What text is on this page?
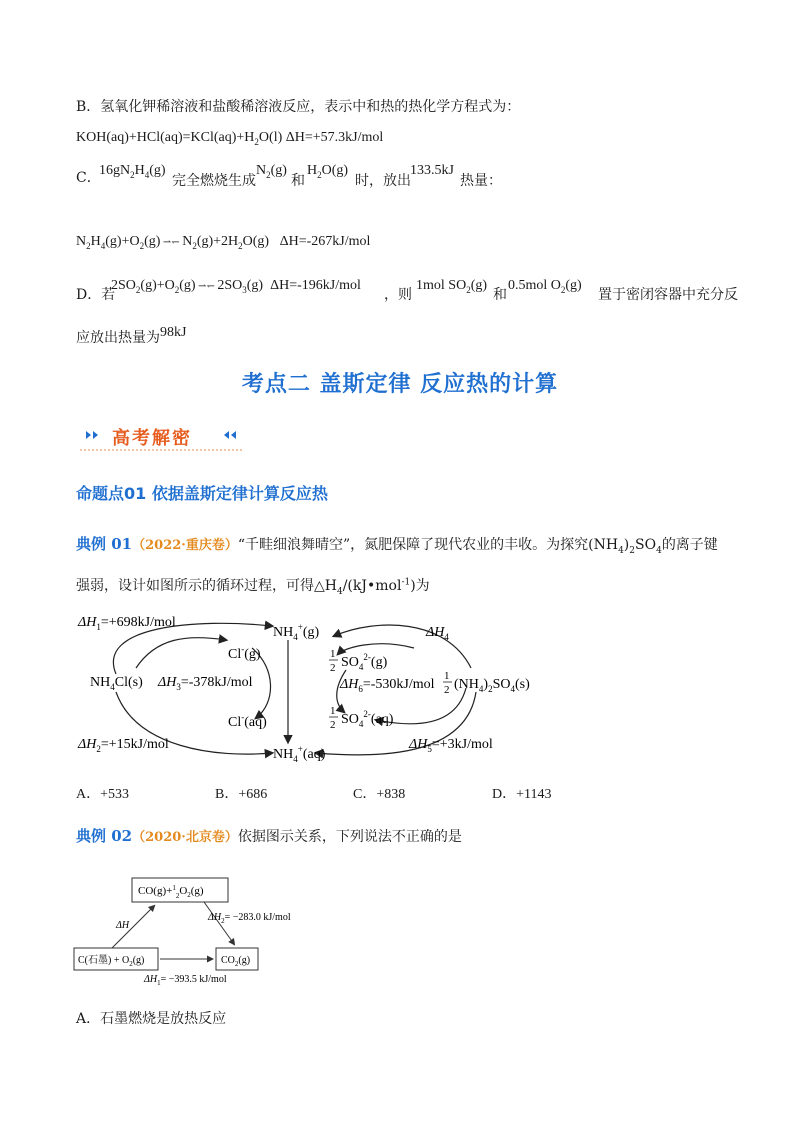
B．氢氧化钾稀溶液和盐酸稀溶液反应，表示中和热的热化学方程式为：
$KOH(aq)+HCl(aq)=KCl(aq)+H_2O(l)$ ΔH=+57.3kJ/mol
C．
$16gN_2H_4(g)$
完全燃烧生成
$N_2(g)$
和
$H_2O(g)$
时，放出
133.5kJ
热量：
$N_2H_4(g)+O_2(g)$ ⇀↽ $N_2(g)+2H_2O(g)$   ΔH=-267kJ/mol
D．若
$2SO_2(g)+O_2(g)$ ⇀↽ $2SO_3(g)$  ΔH=-196kJ/mol
，则
1mol $SO_2(g)$
和
0.5mol $O_2(g)$
置于密闭容器中充分反
应放出热量为98kJ
考点二 盖斯定律 反应热的计算
高考解密
命题点01 依据盖斯定律计算反应热
典例 01（2022·重庆卷）“千畦细浪舞晴空”，氮肥保障了现代农业的丰收。为探究$(NH_4)_2SO_4$的离子键
强弱，设计如图所示的循环过程，可得$\triangle H_4/(kJ•mol^{-1})$为
$\Delta H_1=+698kJ$/mol
$NH_4^+(g)$	$\Delta H_4$
Cl-(g)
$NH_4Cl(s)$ $\Delta H_3=-378kJ$/mol
1
2 $SO_4^{2-}(g)$
$\Delta H_6=-530kJ$/mol
1
2 $(NH_4)_2SO_4(s)$
Cl-(aq)
1
2 $SO_4^{2-}(aq)$
$\Delta H_2=+15kJ$/mol
$NH_4^+(aq)$
$\Delta H_5=+3kJ$/mol
A．+533	B．+686	C．+838	D．+1143
典例 02（2020·北京卷）依据图示关系，下列说法不正确的是
$CO(g)+^1_2O_2(g)$
C(石墨) + $O_2(g)$	$CO_2(g)$
ΔH
$\Delta H_2= -283.0$ kJ/mol
$\Delta H_1= -393.5$ kJ/mol
A．石墨燃烧是放热反应
